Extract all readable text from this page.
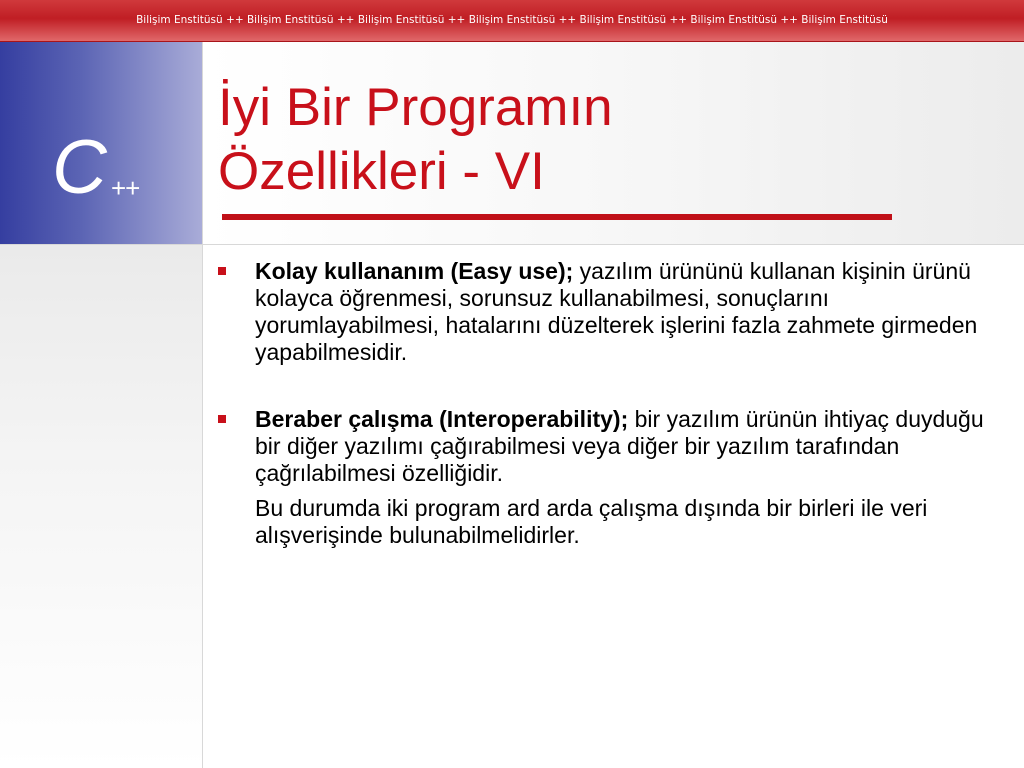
Bilişim Enstitüsü ++ Bilişim Enstitüsü ++ Bilişim Enstitüsü ++ Bilişim Enstitüsü ++ Bilişim Enstitüsü ++ Bilişim Enstitüsü ++ Bilişim Enstitüsü
C ++
İyi Bir Programın
Özellikleri - VI

Kolay kullananım (Easy use); yazılım ürününü kullanan kişinin ürünü kolayca öğrenmesi, sorunsuz kullanabilmesi, sonuçlarını yorumlayabilmesi, hatalarını düzelterek işlerini fazla zahmete girmeden yapabilmesidir.

Beraber çalışma (Interoperability); bir yazılım ürünün ihtiyaç duyduğu bir diğer yazılımı çağırabilmesi veya diğer bir yazılım tarafından çağrılabilmesi özelliğidir.

Bu durumda iki program ard arda çalışma dışında bir birleri ile veri alışverişinde bulunabilmelidirler.
